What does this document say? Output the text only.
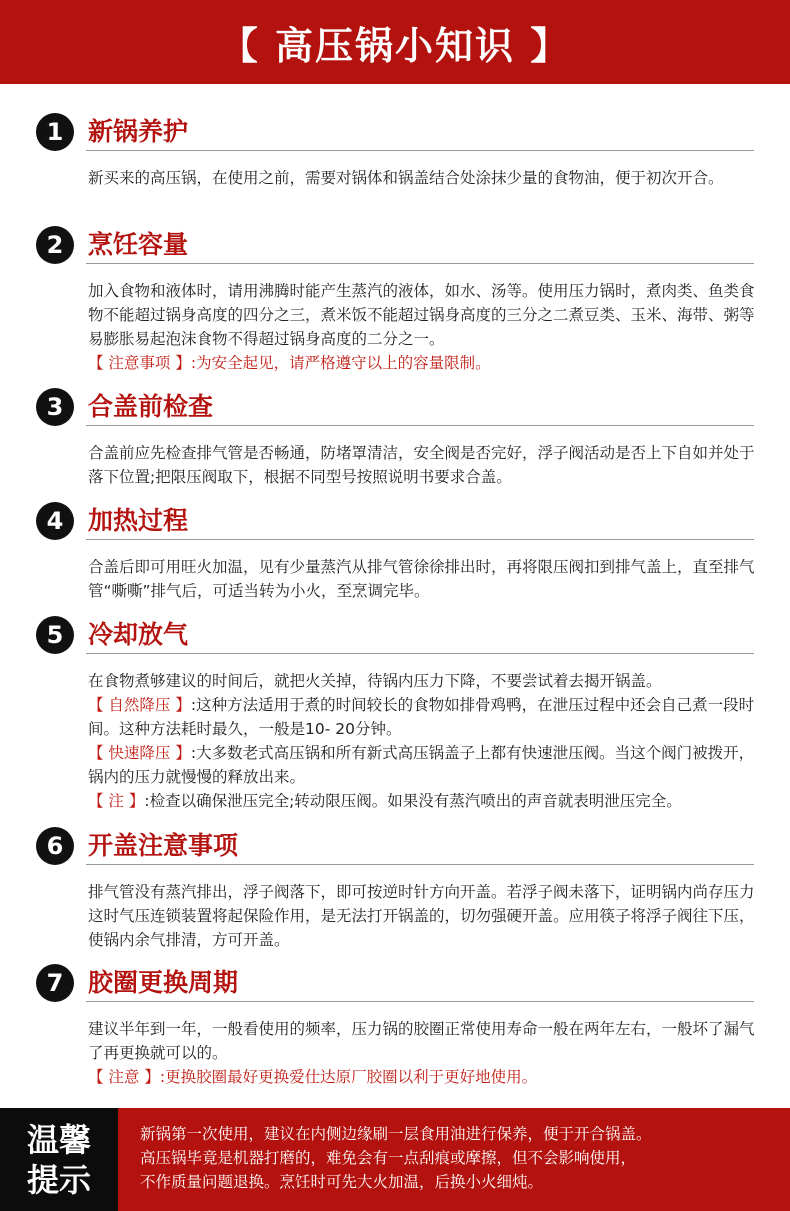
【 高压锅小知识 】
1 新锅养护
新买来的高压锅，在使用之前，需要对锅体和锅盖结合处涂抹少量的食物油，便于初次开合。
2 烹饪容量
加入食物和液体时，请用沸腾时能产生蒸汽的液体，如水、汤等。使用压力锅时，煮肉类、鱼类食物不能超过锅身高度的四分之三，煮米饭不能超过锅身高度的三分之二煮豆类、玉米、海带、粥等易膨胀易起泡沫食物不得超过锅身高度的二分之一。
【 注意事项 】:为安全起见，请严格遵守以上的容量限制。
3 合盖前检查
合盖前应先检查排气管是否畅通，防堵罩清洁，安全阀是否完好，浮子阀活动是否上下自如并处于落下位置;把限压阀取下，根据不同型号按照说明书要求合盖。
4 加热过程
合盖后即可用旺火加温，见有少量蒸汽从排气管徐徐排出时，再将限压阀扣到排气盖上，直至排气管“嘶嘶”排气后，可适当转为小火，至烹调完毕。
5 冷却放气
在食物煮够建议的时间后，就把火关掉，待锅内压力下降，不要尝试着去揭开锅盖。
【 自然降压 】:这种方法适用于煮的时间较长的食物如排骨鸡鸭，在泄压过程中还会自己煮一段时间。这种方法耗时最久，一般是10- 20分钟。
【 快速降压 】:大多数老式高压锅和所有新式高压锅盖子上都有快速泄压阀。当这个阀门被拨开，锅内的压力就慢慢的释放出来。
【 注 】:检查以确保泄压完全;转动限压阀。如果没有蒸汽喷出的声音就表明泄压完全。
6 开盖注意事项
排气管没有蒸汽排出，浮子阀落下，即可按逆时针方向开盖。若浮子阀未落下，证明锅内尚存压力这时气压连锁装置将起保险作用，是无法打开锅盖的，切勿强硬开盖。应用筷子将浮子阀往下压，使锅内余气排清，方可开盖。
7 胶圈更换周期
建议半年到一年，一般看使用的频率，压力锅的胶圈正常使用寿命一般在两年左右，一般坏了漏气了再更换就可以的。
【 注意 】:更换胶圈最好更换爱仕达原厂胶圈以利于更好地使用。
温馨
提示
新锅第一次使用，建议在内侧边缘刷一层食用油进行保养，便于开合锅盖。
高压锅毕竟是机器打磨的，难免会有一点刮痕或摩擦，但不会影响使用，
不作质量问题退换。烹饪时可先大火加温，后换小火细炖。
